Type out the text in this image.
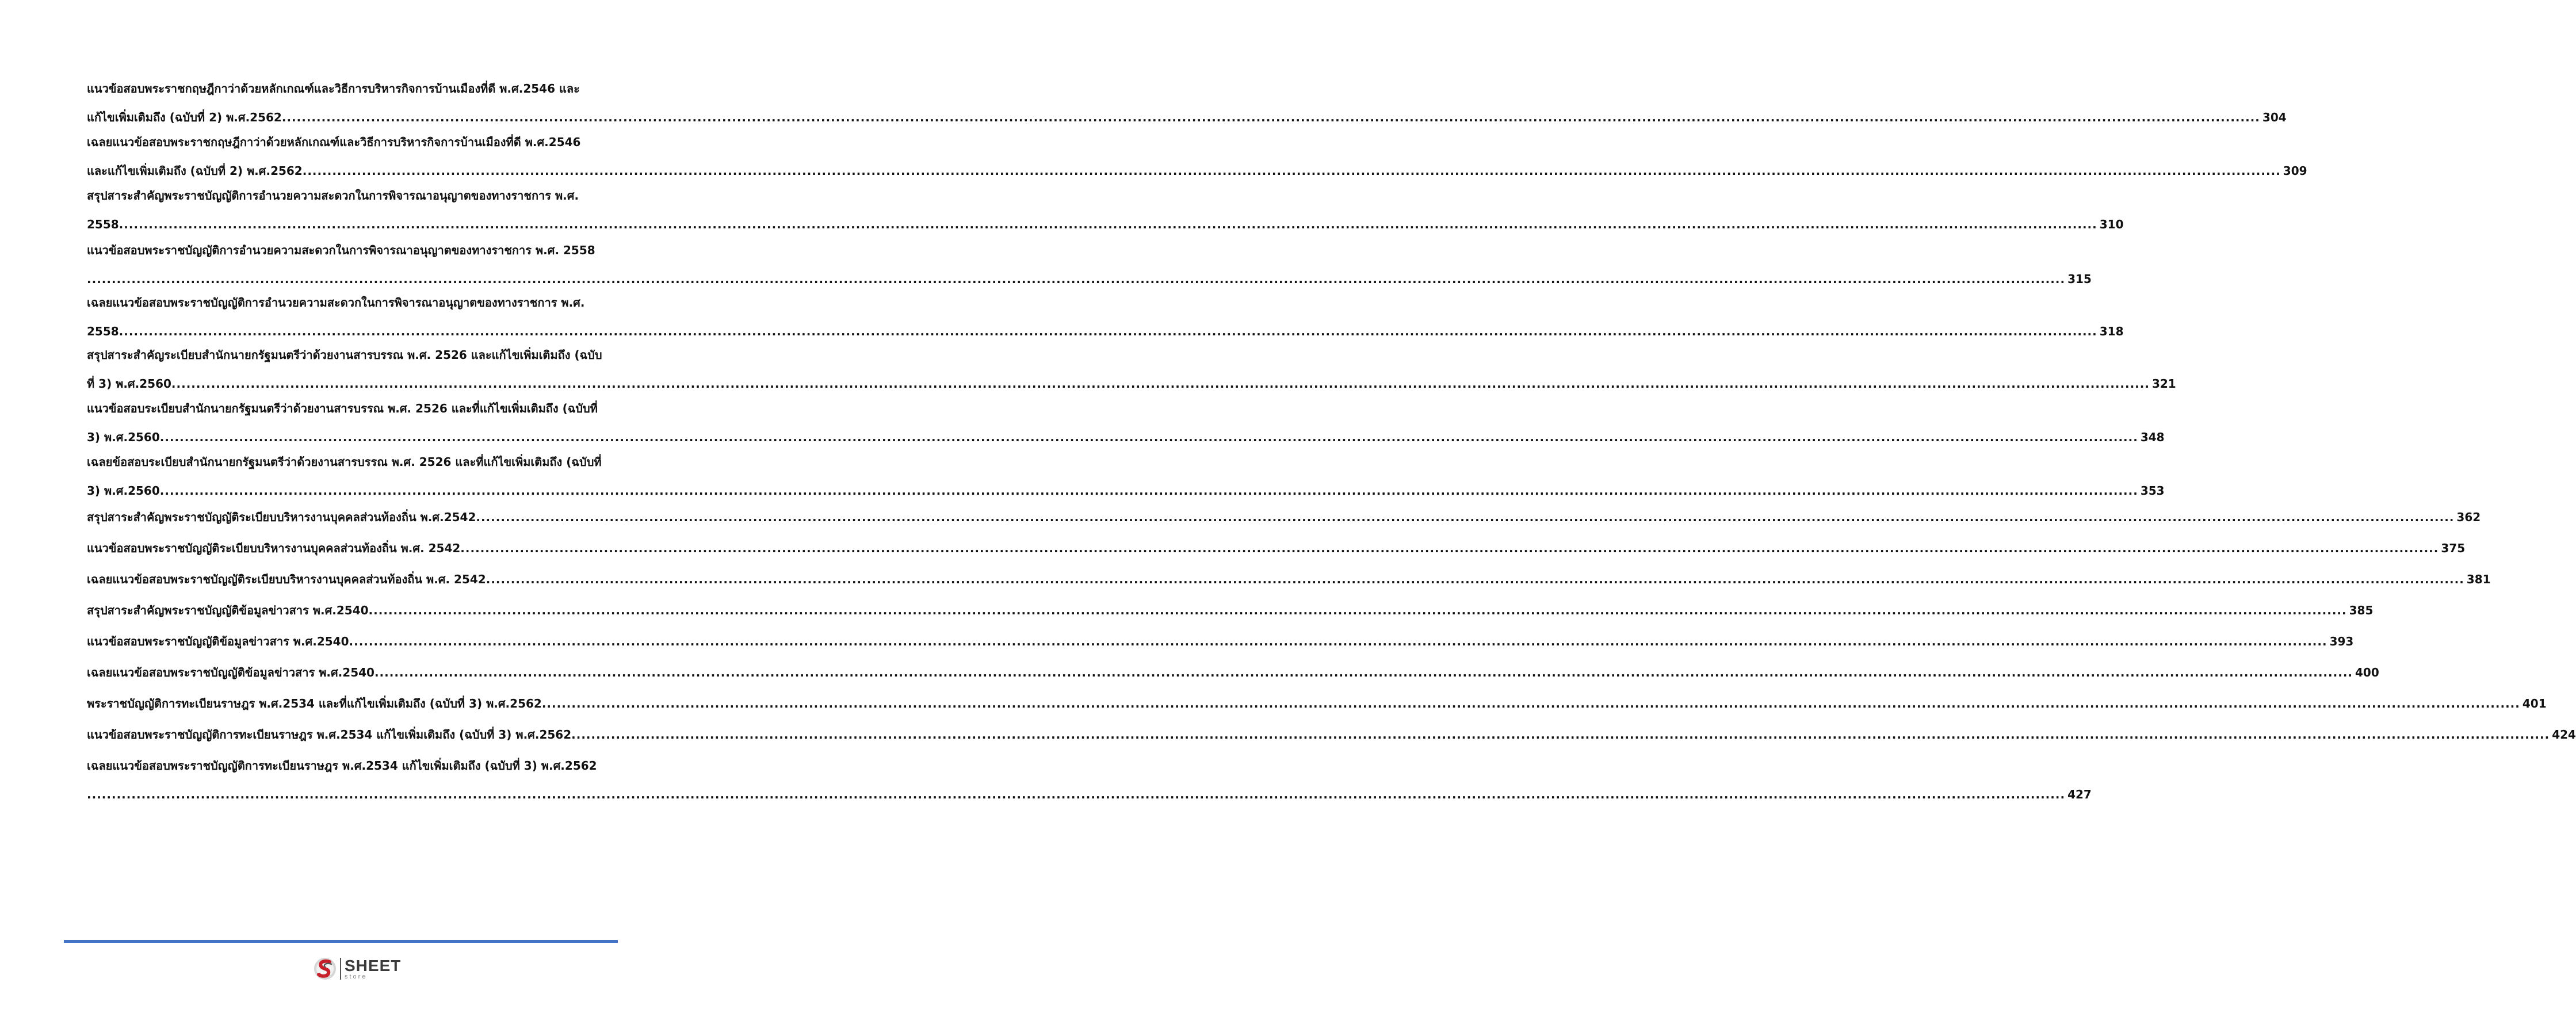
แนวข้อสอบพระราชกฤษฎีกาว่าด้วยหลักเกณฑ์และวิธีการบริหารกิจการบ้านเมืองที่ดี พ.ศ.2546 และ
แก้ไขเพิ่มเติมถึง (ฉบับที่ 2) พ.ศ.2562 ................................................................................................................................................................................................................................................................................................................................................................................................................ 304
เฉลยแนวข้อสอบพระราชกฤษฎีกาว่าด้วยหลักเกณฑ์และวิธีการบริหารกิจการบ้านเมืองที่ดี พ.ศ.2546
และแก้ไขเพิ่มเติมถึง (ฉบับที่ 2) พ.ศ.2562 ................................................................................................................................................................................................................................................................................................................................................................................................................ 309
สรุปสาระสำคัญพระราชบัญญัติการอำนวยความสะดวกในการพิจารณาอนุญาตของทางราชการ พ.ศ.
2558 ................................................................................................................................................................................................................................................................................................................................................................................................................ 310
แนวข้อสอบพระราชบัญญัติการอำนวยความสะดวกในการพิจารณาอนุญาตของทางราชการ พ.ศ. 2558
................................................................................................................................................................................................................................................................................................................................................................................................................ 315
เฉลยแนวข้อสอบพระราชบัญญัติการอำนวยความสะดวกในการพิจารณาอนุญาตของทางราชการ พ.ศ.
2558 ................................................................................................................................................................................................................................................................................................................................................................................................................ 318
สรุปสาระสำคัญระเบียบสำนักนายกรัฐมนตรีว่าด้วยงานสารบรรณ พ.ศ. 2526 และแก้ไขเพิ่มเติมถึง (ฉบับ
ที่ 3) พ.ศ.2560 ................................................................................................................................................................................................................................................................................................................................................................................................................ 321
แนวข้อสอบระเบียบสำนักนายกรัฐมนตรีว่าด้วยงานสารบรรณ พ.ศ. 2526 และที่แก้ไขเพิ่มเติมถึง (ฉบับที่
3) พ.ศ.2560 ................................................................................................................................................................................................................................................................................................................................................................................................................ 348
เฉลยข้อสอบระเบียบสำนักนายกรัฐมนตรีว่าด้วยงานสารบรรณ พ.ศ. 2526 และที่แก้ไขเพิ่มเติมถึง (ฉบับที่
3) พ.ศ.2560 ................................................................................................................................................................................................................................................................................................................................................................................................................ 353
สรุปสาระสำคัญพระราชบัญญัติระเบียบบริหารงานบุคคลส่วนท้องถิ่น พ.ศ.2542 ................................................................................................................................................................................................................................................................................................................................................................................................................ 362
แนวข้อสอบพระราชบัญญัติระเบียบบริหารงานบุคคลส่วนท้องถิ่น พ.ศ. 2542 ................................................................................................................................................................................................................................................................................................................................................................................................................ 375
เฉลยแนวข้อสอบพระราชบัญญัติระเบียบบริหารงานบุคคลส่วนท้องถิ่น พ.ศ. 2542 ................................................................................................................................................................................................................................................................................................................................................................................................................ 381
สรุปสาระสำคัญพระราชบัญญัติข้อมูลข่าวสาร พ.ศ.2540 ................................................................................................................................................................................................................................................................................................................................................................................................................ 385
แนวข้อสอบพระราชบัญญัติข้อมูลข่าวสาร พ.ศ.2540 ................................................................................................................................................................................................................................................................................................................................................................................................................ 393
เฉลยแนวข้อสอบพระราชบัญญัติข้อมูลข่าวสาร พ.ศ.2540 ................................................................................................................................................................................................................................................................................................................................................................................................................ 400
พระราชบัญญัติการทะเบียนราษฎร พ.ศ.2534 และที่แก้ไขเพิ่มเติมถึง (ฉบับที่ 3) พ.ศ.2562 ................................................................................................................................................................................................................................................................................................................................................................................................................ 401
แนวข้อสอบพระราชบัญญัติการทะเบียนราษฎร พ.ศ.2534 แก้ไขเพิ่มเติมถึง (ฉบับที่ 3) พ.ศ.2562 ................................................................................................................................................................................................................................................................................................................................................................................................................ 424
เฉลยแนวข้อสอบพระราชบัญญัติการทะเบียนราษฎร พ.ศ.2534 แก้ไขเพิ่มเติมถึง (ฉบับที่ 3) พ.ศ.2562
................................................................................................................................................................................................................................................................................................................................................................................................................ 427
SHEET
store
